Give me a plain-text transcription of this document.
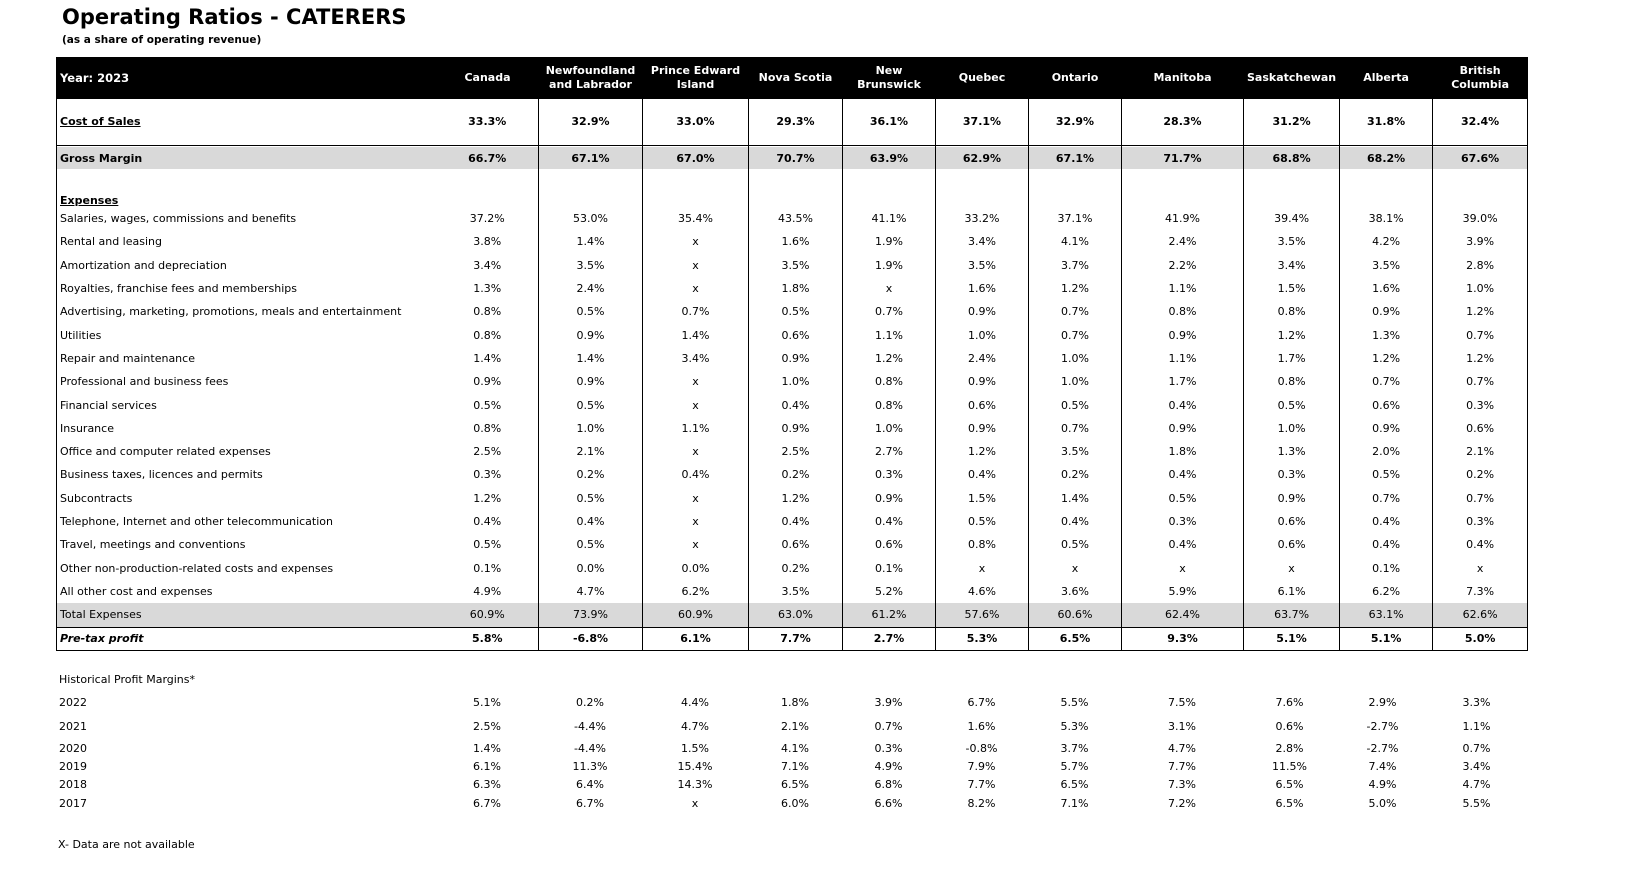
Operating Ratios - CATERERS
(as a share of operating revenue)
Year: 2023	Canada	Newfoundland and Labrador	Prince Edward Island	Nova Scotia	New Brunswick	Quebec	Ontario	Manitoba	Saskatchewan	Alberta	British Columbia
Cost of Sales	33.3%	32.9%	33.0%	29.3%	36.1%	37.1%	32.9%	28.3%	31.2%	31.8%	32.4%

Gross Margin	66.7%	67.1%	67.0%	70.7%	63.9%	62.9%	67.1%	71.7%	68.8%	68.2%	67.6%
Expenses											
Salaries, wages, commissions and benefits	37.2%	53.0%	35.4%	43.5%	41.1%	33.2%	37.1%	41.9%	39.4%	38.1%	39.0%
Rental and leasing	3.8%	1.4%	x	1.6%	1.9%	3.4%	4.1%	2.4%	3.5%	4.2%	3.9%
Amortization and depreciation	3.4%	3.5%	x	3.5%	1.9%	3.5%	3.7%	2.2%	3.4%	3.5%	2.8%
Royalties, franchise fees and memberships	1.3%	2.4%	x	1.8%	x	1.6%	1.2%	1.1%	1.5%	1.6%	1.0%
Advertising, marketing, promotions, meals and entertainment	0.8%	0.5%	0.7%	0.5%	0.7%	0.9%	0.7%	0.8%	0.8%	0.9%	1.2%
Utilities	0.8%	0.9%	1.4%	0.6%	1.1%	1.0%	0.7%	0.9%	1.2%	1.3%	0.7%
Repair and maintenance	1.4%	1.4%	3.4%	0.9%	1.2%	2.4%	1.0%	1.1%	1.7%	1.2%	1.2%
Professional and business fees	0.9%	0.9%	x	1.0%	0.8%	0.9%	1.0%	1.7%	0.8%	0.7%	0.7%
Financial services	0.5%	0.5%	x	0.4%	0.8%	0.6%	0.5%	0.4%	0.5%	0.6%	0.3%
Insurance	0.8%	1.0%	1.1%	0.9%	1.0%	0.9%	0.7%	0.9%	1.0%	0.9%	0.6%
Office and computer related expenses	2.5%	2.1%	x	2.5%	2.7%	1.2%	3.5%	1.8%	1.3%	2.0%	2.1%
Business taxes, licences and permits	0.3%	0.2%	0.4%	0.2%	0.3%	0.4%	0.2%	0.4%	0.3%	0.5%	0.2%
Subcontracts	1.2%	0.5%	x	1.2%	0.9%	1.5%	1.4%	0.5%	0.9%	0.7%	0.7%
Telephone, Internet and other telecommunication	0.4%	0.4%	x	0.4%	0.4%	0.5%	0.4%	0.3%	0.6%	0.4%	0.3%
Travel, meetings and conventions	0.5%	0.5%	x	0.6%	0.6%	0.8%	0.5%	0.4%	0.6%	0.4%	0.4%
Other non-production-related costs and expenses	0.1%	0.0%	0.0%	0.2%	0.1%	x	x	x	x	0.1%	x
All other cost and expenses	4.9%	4.7%	6.2%	3.5%	5.2%	4.6%	3.6%	5.9%	6.1%	6.2%	7.3%
Total Expenses	60.9%	73.9%	60.9%	63.0%	61.2%	57.6%	60.6%	62.4%	63.7%	63.1%	62.6%
Pre-tax profit	5.8%	-6.8%	6.1%	7.7%	2.7%	5.3%	6.5%	9.3%	5.1%	5.1%	5.0%
Historical Profit Margins*											
2022	5.1%	0.2%	4.4%	1.8%	3.9%	6.7%	5.5%	7.5%	7.6%	2.9%	3.3%
2021	2.5%	-4.4%	4.7%	2.1%	0.7%	1.6%	5.3%	3.1%	0.6%	-2.7%	1.1%
2020	1.4%	-4.4%	1.5%	4.1%	0.3%	-0.8%	3.7%	4.7%	2.8%	-2.7%	0.7%
2019	6.1%	11.3%	15.4%	7.1%	4.9%	7.9%	5.7%	7.7%	11.5%	7.4%	3.4%
2018	6.3%	6.4%	14.3%	6.5%	6.8%	7.7%	6.5%	7.3%	6.5%	4.9%	4.7%
2017	6.7%	6.7%	x	6.0%	6.6%	8.2%	7.1%	7.2%	6.5%	5.0%	5.5%
X- Data are not available
